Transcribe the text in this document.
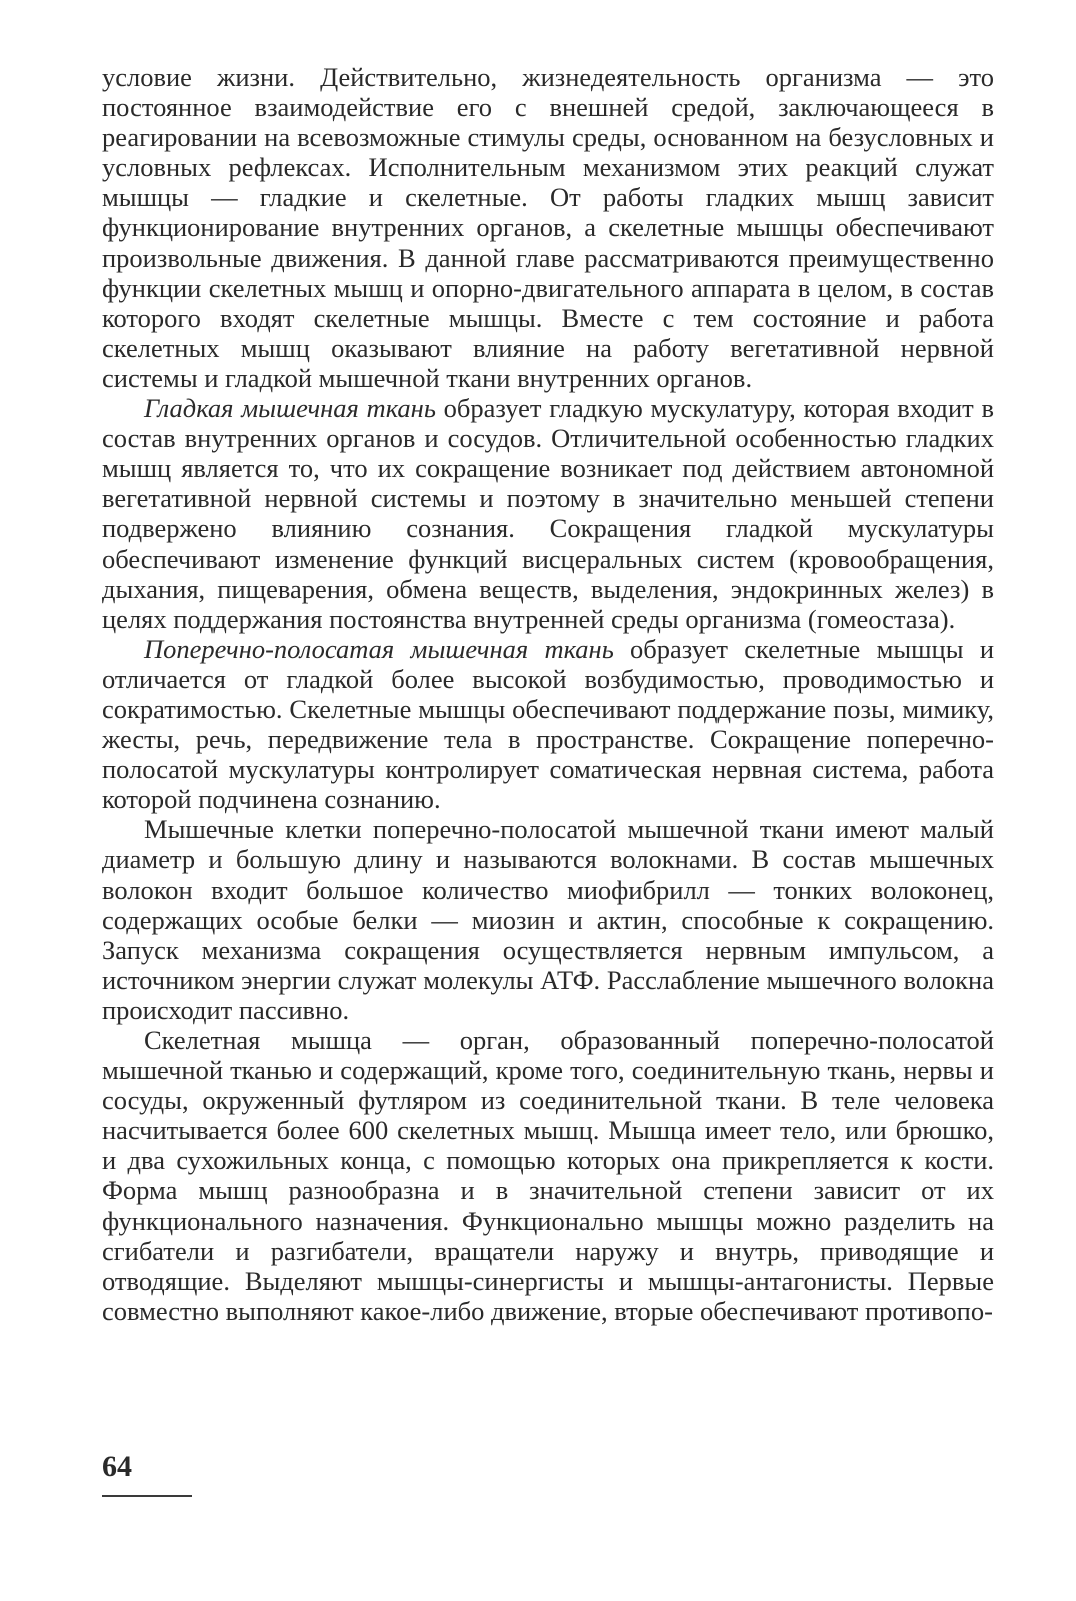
условие жизни. Действительно, жизнедеятельность организма — это постоянное взаимодействие его с внешней средой, заключающееся в реагировании на всевозможные стимулы среды, основанном на безусловных и условных рефлексах. Исполнительным механизмом этих реакций служат мышцы — гладкие и скелетные. От работы гладких мышц зависит функционирование внутренних органов, а скелетные мышцы обеспечивают произвольные движения. В данной главе рассматриваются преимущественно функции скелетных мышц и опорно-двигательного аппарата в целом, в состав которого входят скелетные мышцы. Вместе с тем состояние и работа скелетных мышц оказывают влияние на работу вегетативной нервной системы и гладкой мышечной ткани внутренних органов.

Гладкая мышечная ткань образует гладкую мускулатуру, которая входит в состав внутренних органов и сосудов. Отличительной особенностью гладких мышц является то, что их сокращение возникает под действием автономной вегетативной нервной системы и поэтому в значительно меньшей степени подвержено влиянию сознания. Сокращения гладкой мускулатуры обеспечивают изменение функций висцеральных систем (кровообращения, дыхания, пищеварения, обмена веществ, выделения, эндокринных желез) в целях поддержания постоянства внутренней среды организма (гомеостаза).

Поперечно-полосатая мышечная ткань образует скелетные мышцы и отличается от гладкой более высокой возбудимостью, проводимостью и сократимостью. Скелетные мышцы обеспечивают поддержание позы, мимику, жесты, речь, передвижение тела в пространстве. Сокращение поперечно-полосатой мускулатуры контролирует соматическая нервная система, работа которой подчинена сознанию.

Мышечные клетки поперечно-полосатой мышечной ткани имеют малый диаметр и большую длину и называются волокнами. В состав мышечных волокон входит большое количество миофибрилл — тонких волоконец, содержащих особые белки — миозин и актин, способные к сокращению. Запуск механизма сокращения осуществляется нервным импульсом, а источником энергии служат молекулы АТФ. Расслабление мышечного волокна происходит пассивно.

Скелетная мышца — орган, образованный поперечно-полосатой мышечной тканью и содержащий, кроме того, соединительную ткань, нервы и сосуды, окруженный футляром из соединительной ткани. В теле человека насчитывается более 600 скелетных мышц. Мышца имеет тело, или брюшко, и два сухожильных конца, с помощью которых она прикрепляется к кости. Форма мышц разнообразна и в значительной степени зависит от их функционального назначения. Функционально мышцы можно разделить на сгибатели и разгибатели, вращатели наружу и внутрь, приводящие и отводящие. Выделяют мышцы-синергисты и мышцы-антагонисты. Первые совместно выполняют какое-либо движение, вторые обеспечивают противопо-

64
